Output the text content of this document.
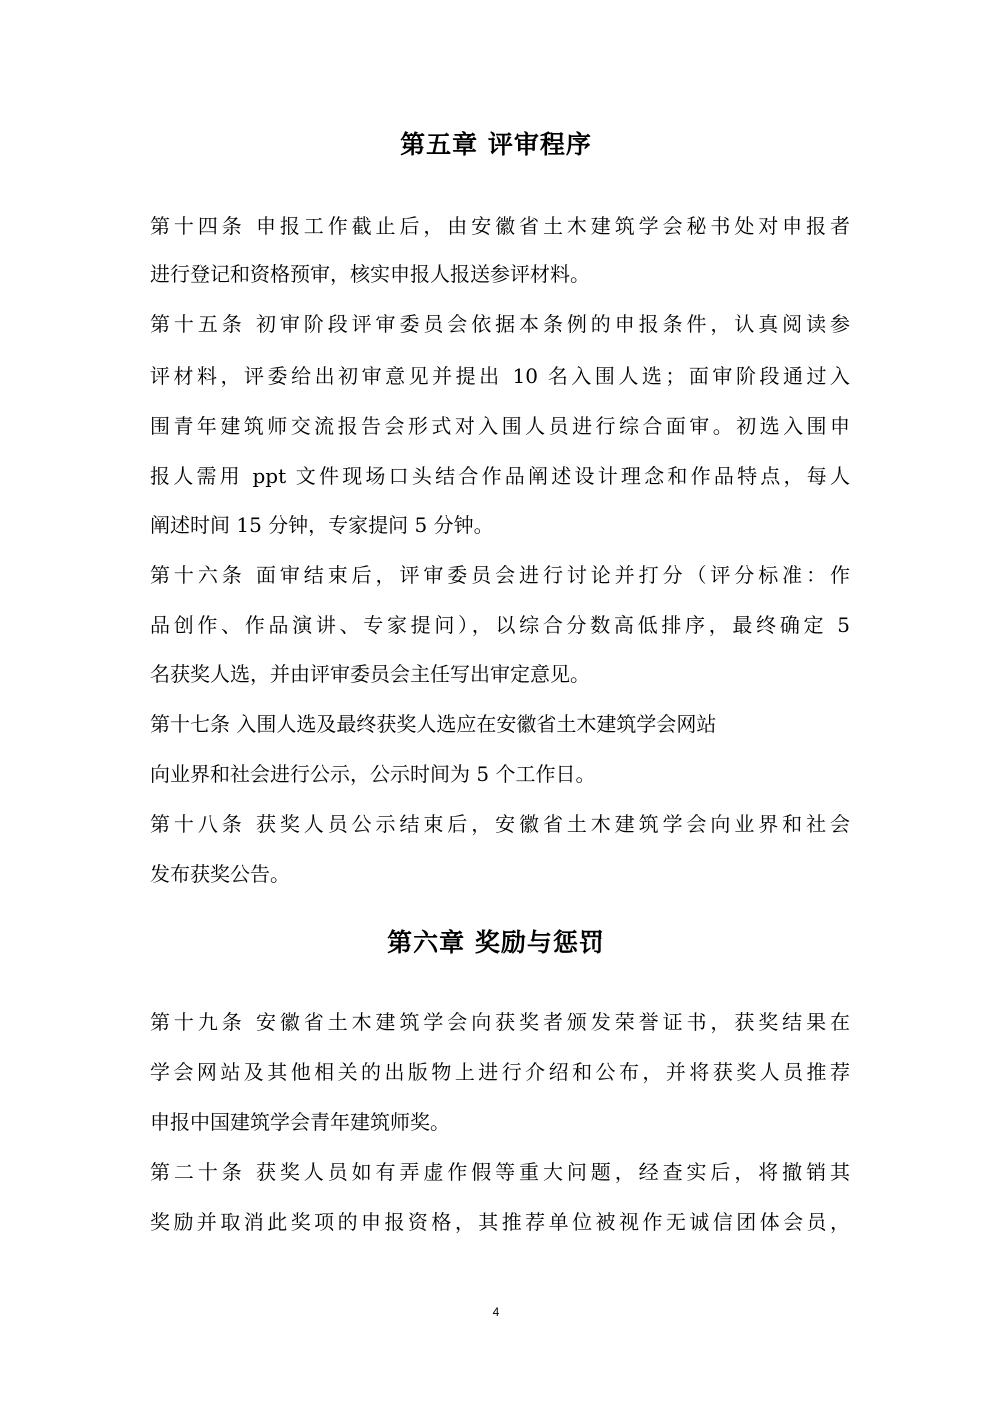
第五章 评审程序
第十四条 申报工作截止后，由安徽省土木建筑学会秘书处对申报者
进行登记和资格预审，核实申报人报送参评材料。
第十五条 初审阶段评审委员会依据本条例的申报条件，认真阅读参
评材料，评委给出初审意见并提出 10 名入围人选；面审阶段通过入
围青年建筑师交流报告会形式对入围人员进行综合面审。初选入围申
报人需用 ppt 文件现场口头结合作品阐述设计理念和作品特点，每人
阐述时间 15 分钟，专家提问 5 分钟。
第十六条 面审结束后，评审委员会进行讨论并打分（评分标准：作
品创作、作品演讲、专家提问），以综合分数高低排序，最终确定 5
名获奖人选，并由评审委员会主任写出审定意见。
第十七条 入围人选及最终获奖人选应在安徽省土木建筑学会网站
向业界和社会进行公示，公示时间为 5 个工作日。
第十八条 获奖人员公示结束后，安徽省土木建筑学会向业界和社会
发布获奖公告。
第六章 奖励与惩罚
第十九条 安徽省土木建筑学会向获奖者颁发荣誉证书，获奖结果在
学会网站及其他相关的出版物上进行介绍和公布，并将获奖人员推荐
申报中国建筑学会青年建筑师奖。
第二十条 获奖人员如有弄虚作假等重大问题，经查实后，将撤销其
奖励并取消此奖项的申报资格，其推荐单位被视作无诚信团体会员，
4
